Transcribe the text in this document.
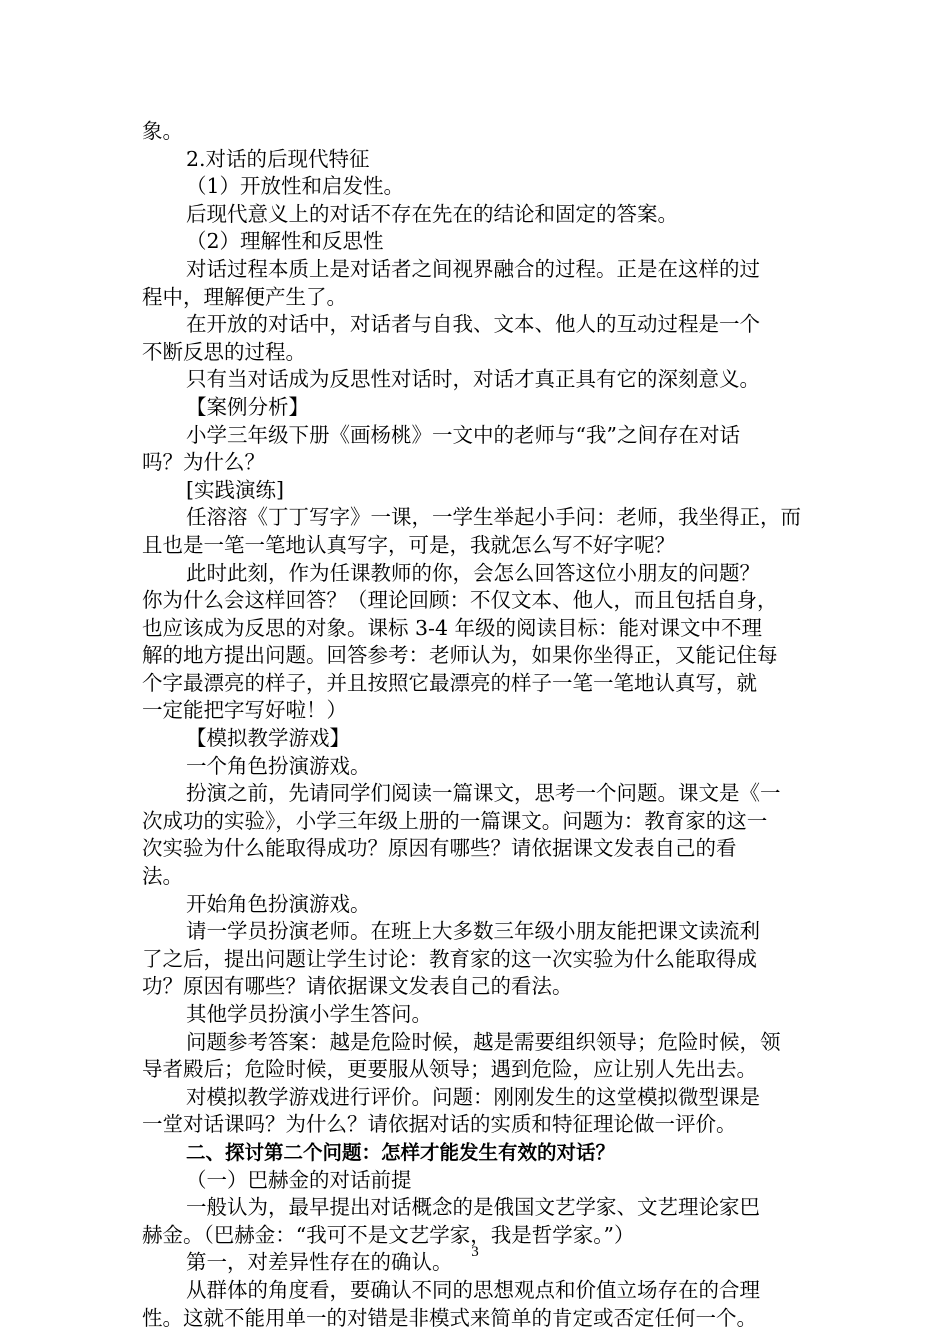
象。
2.对话的后现代特征
（1）开放性和启发性。
后现代意义上的对话不存在先在的结论和固定的答案。
（2）理解性和反思性
对话过程本质上是对话者之间视界融合的过程。正是在这样的过
程中，理解便产生了。
在开放的对话中，对话者与自我、文本、他人的互动过程是一个
不断反思的过程。
只有当对话成为反思性对话时，对话才真正具有它的深刻意义。
【案例分析】
小学三年级下册《画杨桃》一文中的老师与“我”之间存在对话
吗？为什么？
[实践演练]
任溶溶《丁丁写字》一课，一学生举起小手问：老师，我坐得正，而
且也是一笔一笔地认真写字，可是，我就怎么写不好字呢？
此时此刻，作为任课教师的你，会怎么回答这位小朋友的问题？
你为什么会这样回答？（理论回顾：不仅文本、他人，而且包括自身，
也应该成为反思的对象。课标 3-4 年级的阅读目标：能对课文中不理
解的地方提出问题。回答参考：老师认为，如果你坐得正，又能记住每
个字最漂亮的样子，并且按照它最漂亮的样子一笔一笔地认真写，就
一定能把字写好啦！）
【模拟教学游戏】
一个角色扮演游戏。
扮演之前，先请同学们阅读一篇课文，思考一个问题。课文是《一
次成功的实验》，小学三年级上册的一篇课文。问题为：教育家的这一
次实验为什么能取得成功？原因有哪些？请依据课文发表自己的看
法。
开始角色扮演游戏。
请一学员扮演老师。在班上大多数三年级小朋友能把课文读流利
了之后，提出问题让学生讨论：教育家的这一次实验为什么能取得成
功？原因有哪些？请依据课文发表自己的看法。
其他学员扮演小学生答问。
问题参考答案：越是危险时候，越是需要组织领导；危险时候，领
导者殿后；危险时候，更要服从领导；遇到危险，应让别人先出去。
对模拟教学游戏进行评价。问题：刚刚发生的这堂模拟微型课是
一堂对话课吗？为什么？请依据对话的实质和特征理论做一评价。
二、探讨第二个问题：怎样才能发生有效的对话？
（一）巴赫金的对话前提
一般认为，最早提出对话概念的是俄国文艺学家、文艺理论家巴
赫金。（巴赫金：“我可不是文艺学家，我是哲学家。”）
第一，对差异性存在的确认。
从群体的角度看，要确认不同的思想观点和价值立场存在的合理
性。这就不能用单一的对错是非模式来简单的肯定或否定任何一个。
3
